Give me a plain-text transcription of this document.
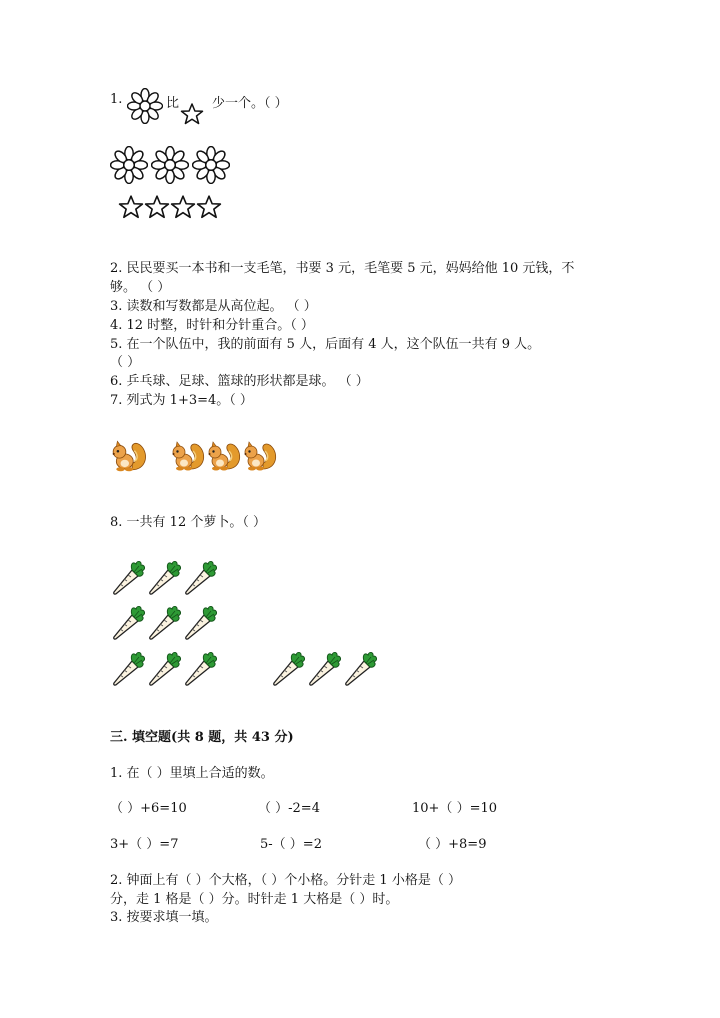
1.	比	少一个。（ ）
2. 民民要买一本书和一支毛笔，书要 3 元，毛笔要 5 元，妈妈给他 10 元钱，不
够。 （ ）
3. 读数和写数都是从高位起。 （ ）
4. 12 时整，时针和分针重合。（ ）
5. 在一个队伍中，我的前面有 5 人，后面有 4 人，这个队伍一共有 9 人。
（ ）
6. 乒乓球、足球、篮球的形状都是球。 （ ）
7. 列式为 1+3=4。（ ）
8. 一共有 12 个萝卜。（ ）
三. 填空题(共 8 题，共 43 分)
1. 在（ ）里填上合适的数。
（ ）+6=10	（ ）-2=4	10+（ ）=10
3+（ ）=7	5-（ ）=2	（ ）+8=9
2. 钟面上有（ ）个大格，（ ）个小格。分针走 1 小格是（ ）
分，走 1 格是（ ）分。时针走 1 大格是（ ）时。
3. 按要求填一填。
